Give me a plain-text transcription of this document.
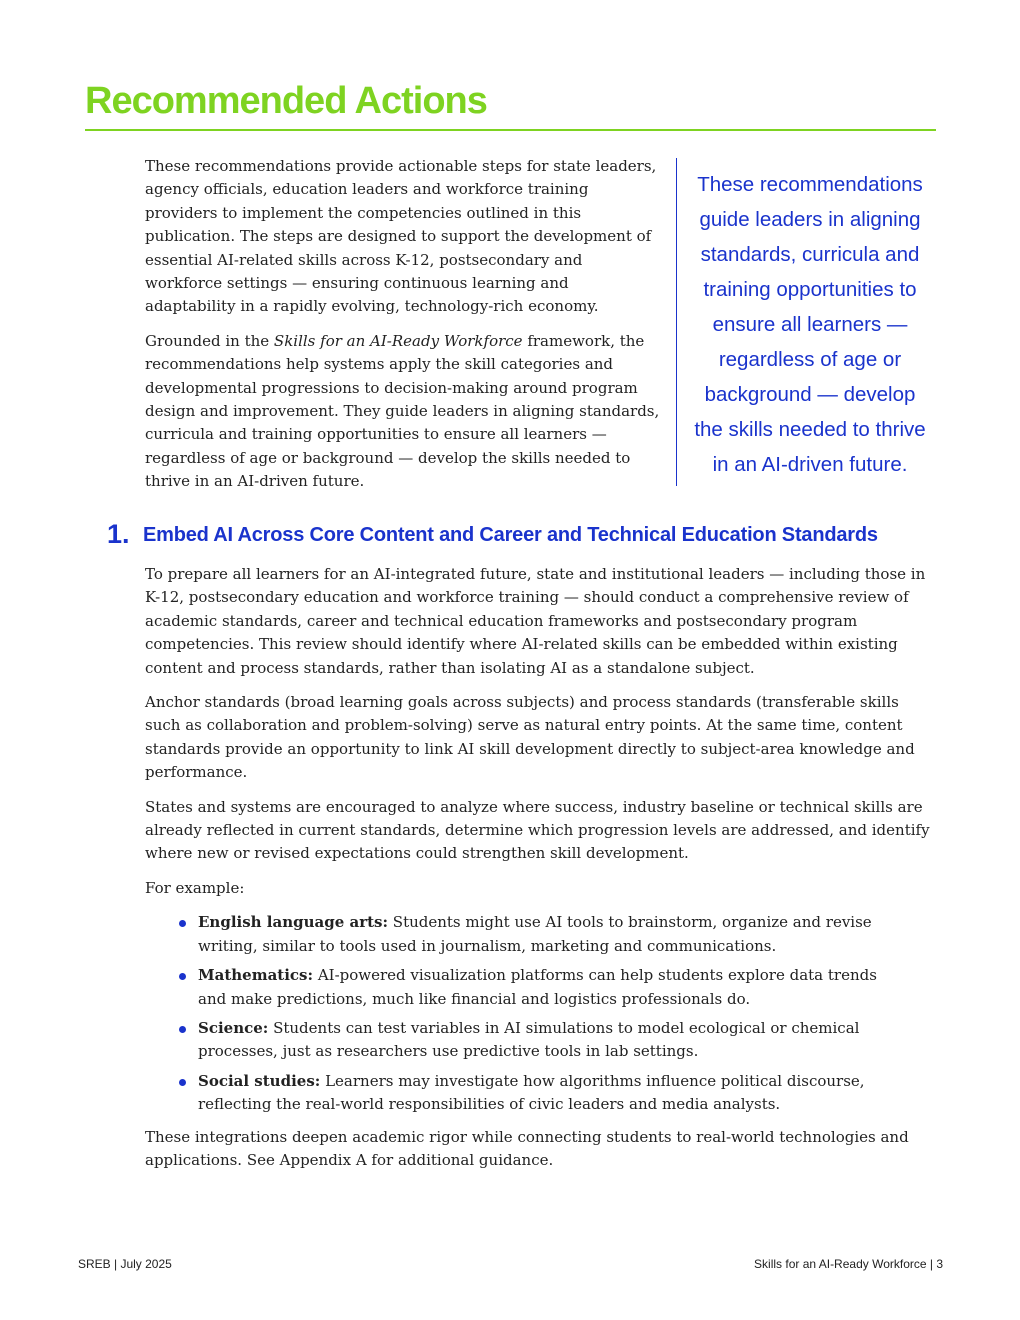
Recommended Actions

These recommendations provide actionable steps for state leaders, agency officials, education leaders and workforce training providers to implement the competencies outlined in this publication. The steps are designed to support the development of essential AI-related skills across K-12, postsecondary and workforce settings — ensuring continuous learning and adaptability in a rapidly evolving, technology-rich economy.

Grounded in the Skills for an AI-Ready Workforce framework, the recommendations help systems apply the skill categories and developmental progressions to decision-making around program design and improvement. They guide leaders in aligning standards, curricula and training opportunities to ensure all learners — regardless of age or background — develop the skills needed to thrive in an AI-driven future.

These recommendations guide leaders in aligning standards, curricula and training opportunities to ensure all learners — regardless of age or background — develop the skills needed to thrive in an AI-driven future.

1. Embed AI Across Core Content and Career and Technical Education Standards

To prepare all learners for an AI-integrated future, state and institutional leaders — including those in K-12, postsecondary education and workforce training — should conduct a comprehensive review of academic standards, career and technical education frameworks and postsecondary program competencies. This review should identify where AI-related skills can be embedded within existing content and process standards, rather than isolating AI as a standalone subject.

Anchor standards (broad learning goals across subjects) and process standards (transferable skills such as collaboration and problem-solving) serve as natural entry points. At the same time, content standards provide an opportunity to link AI skill development directly to subject-area knowledge and performance.

States and systems are encouraged to analyze where success, industry baseline or technical skills are already reflected in current standards, determine which progression levels are addressed, and identify where new or revised expectations could strengthen skill development.

For example:

English language arts: Students might use AI tools to brainstorm, organize and revise writing, similar to tools used in journalism, marketing and communications.
Mathematics: AI-powered visualization platforms can help students explore data trends and make predictions, much like financial and logistics professionals do.
Science: Students can test variables in AI simulations to model ecological or chemical processes, just as researchers use predictive tools in lab settings.
Social studies: Learners may investigate how algorithms influence political discourse, reflecting the real-world responsibilities of civic leaders and media analysts.

These integrations deepen academic rigor while connecting students to real-world technologies and applications. See Appendix A for additional guidance.

SREB | July 2025	Skills for an AI-Ready Workforce | 3
